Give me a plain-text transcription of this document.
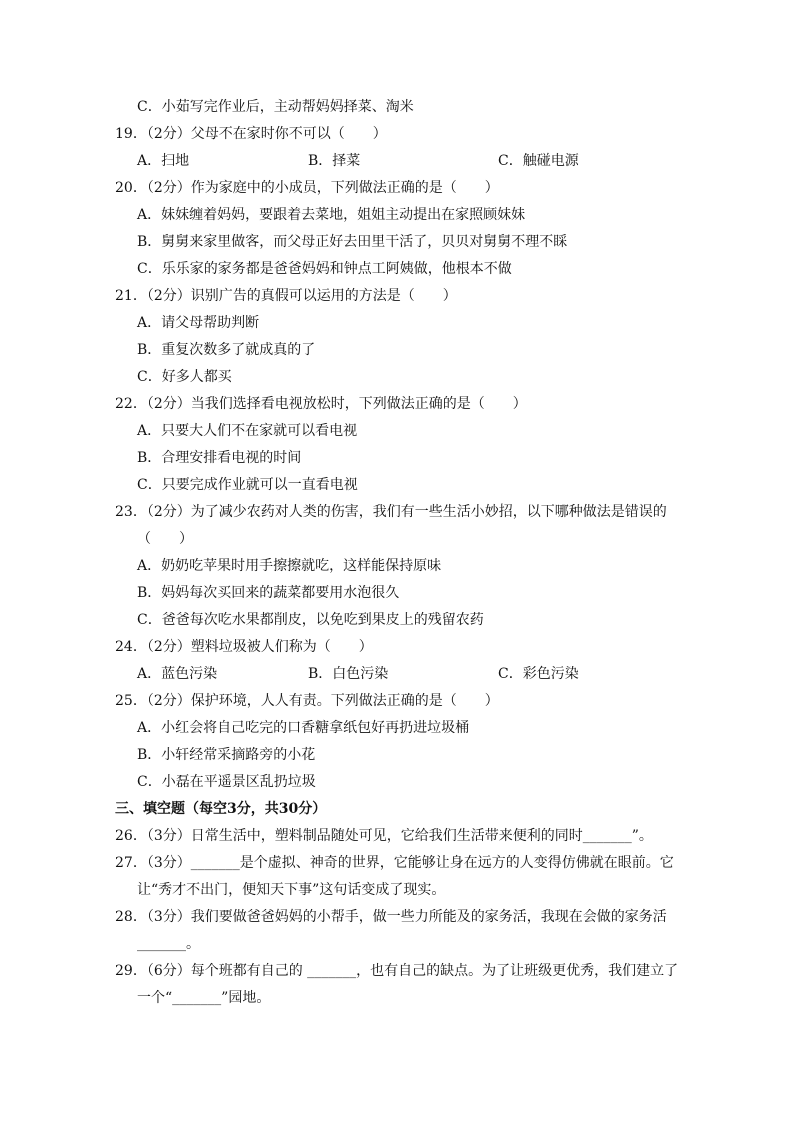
C．小茹写完作业后，主动帮妈妈择菜、淘米

19．（2分）父母不在家时你不可以（　　）

A．扫地	B．择菜	C．触碰电源

20．（2分）作为家庭中的小成员，下列做法正确的是（　　）

A．妹妹缠着妈妈，要跟着去菜地，姐姐主动提出在家照顾妹妹

B．舅舅来家里做客，而父母正好去田里干活了，贝贝对舅舅不理不睬

C．乐乐家的家务都是爸爸妈妈和钟点工阿姨做，他根本不做

21．（2分）识别广告的真假可以运用的方法是（　　）

A．请父母帮助判断

B．重复次数多了就成真的了

C．好多人都买

22．（2分）当我们选择看电视放松时，下列做法正确的是（　　）

A．只要大人们不在家就可以看电视

B．合理安排看电视的时间

C．只要完成作业就可以一直看电视

23．（2分）为了减少农药对人类的伤害，我们有一些生活小妙招，以下哪种做法是错误的（　　）

A．奶奶吃苹果时用手擦擦就吃，这样能保持原味

B．妈妈每次买回来的蔬菜都要用水泡很久

C．爸爸每次吃水果都削皮，以免吃到果皮上的残留农药

24．（2分）塑料垃圾被人们称为（　　）

A．蓝色污染	B．白色污染	C．彩色污染

25．（2分）保护环境，人人有责。下列做法正确的是（　　）

A．小红会将自己吃完的口香糖拿纸包好再扔进垃圾桶

B．小轩经常采摘路旁的小花

C．小磊在平遥景区乱扔垃圾

三、填空题（每空3分，共30分）

26．（3分）日常生活中，塑料制品随处可见，它给我们生活带来便利的同时_______”。

27．（3分）_______是个虚拟、神奇的世界，它能够让身在远方的人变得仿佛就在眼前。它让“秀才不出门，便知天下事”这句话变成了现实。

28．（3分）我们要做爸爸妈妈的小帮手，做一些力所能及的家务活，我现在会做的家务活 _______。

29．（6分）每个班都有自己的 _______，也有自己的缺点。为了让班级更优秀，我们建立了一个“_______”园地。
